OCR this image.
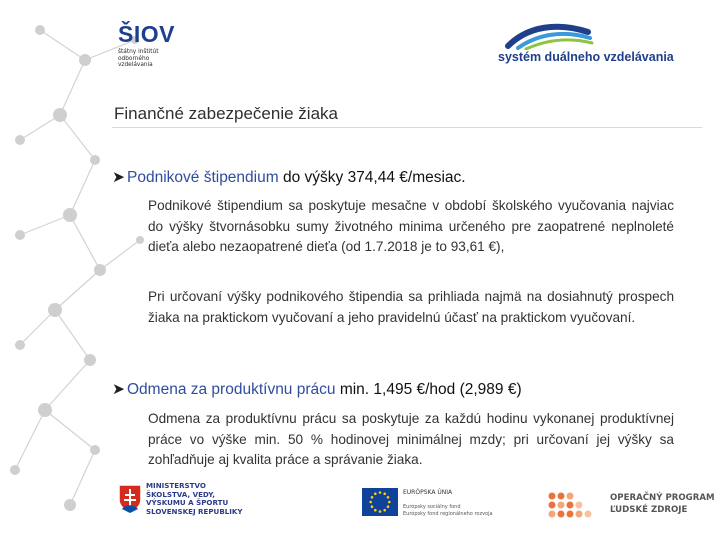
ŠIOV
štátny inštitút
odborného
vzdelávania
systém duálneho vzdelávania
Finančné zabezpečenie žiaka
➤ Podnikové štipendium do výšky 374,44 €/mesiac.
Podnikové štipendium sa poskytuje mesačne v období školského vyučovania najviac do výšky štvornásobku sumy životného minima určeného pre zaopatrené neplnoleté dieťa alebo nezaopatrené dieťa (od 1.7.2018 je to 93,61 €),
Pri určovaní výšky podnikového štipendia sa prihliada najmä na dosiahnutý prospech žiaka na praktickom vyučovaní a jeho pravidelnú účasť na praktickom vyučovaní.
➤ Odmena za produktívnu prácu min. 1,495 €/hod (2,989 €)
Odmena za produktívnu prácu sa poskytuje za každú hodinu vykonanej produktívnej práce vo výške min. 50 % hodinovej minimálnej mzdy; pri určovaní jej výšky sa zohľadňuje aj kvalita práce a správanie žiaka.
MINISTERSTVO
ŠKOLSTVA, VEDY,
VÝSKUMU A ŠPORTU
SLOVENSKEJ REPUBLIKY
EURÓPSKA ÚNIA
Európsky sociálny fond
Európsky fond regionálneho rozvoja
OPERAČNÝ PROGRAM
ĽUDSKÉ ZDROJE
